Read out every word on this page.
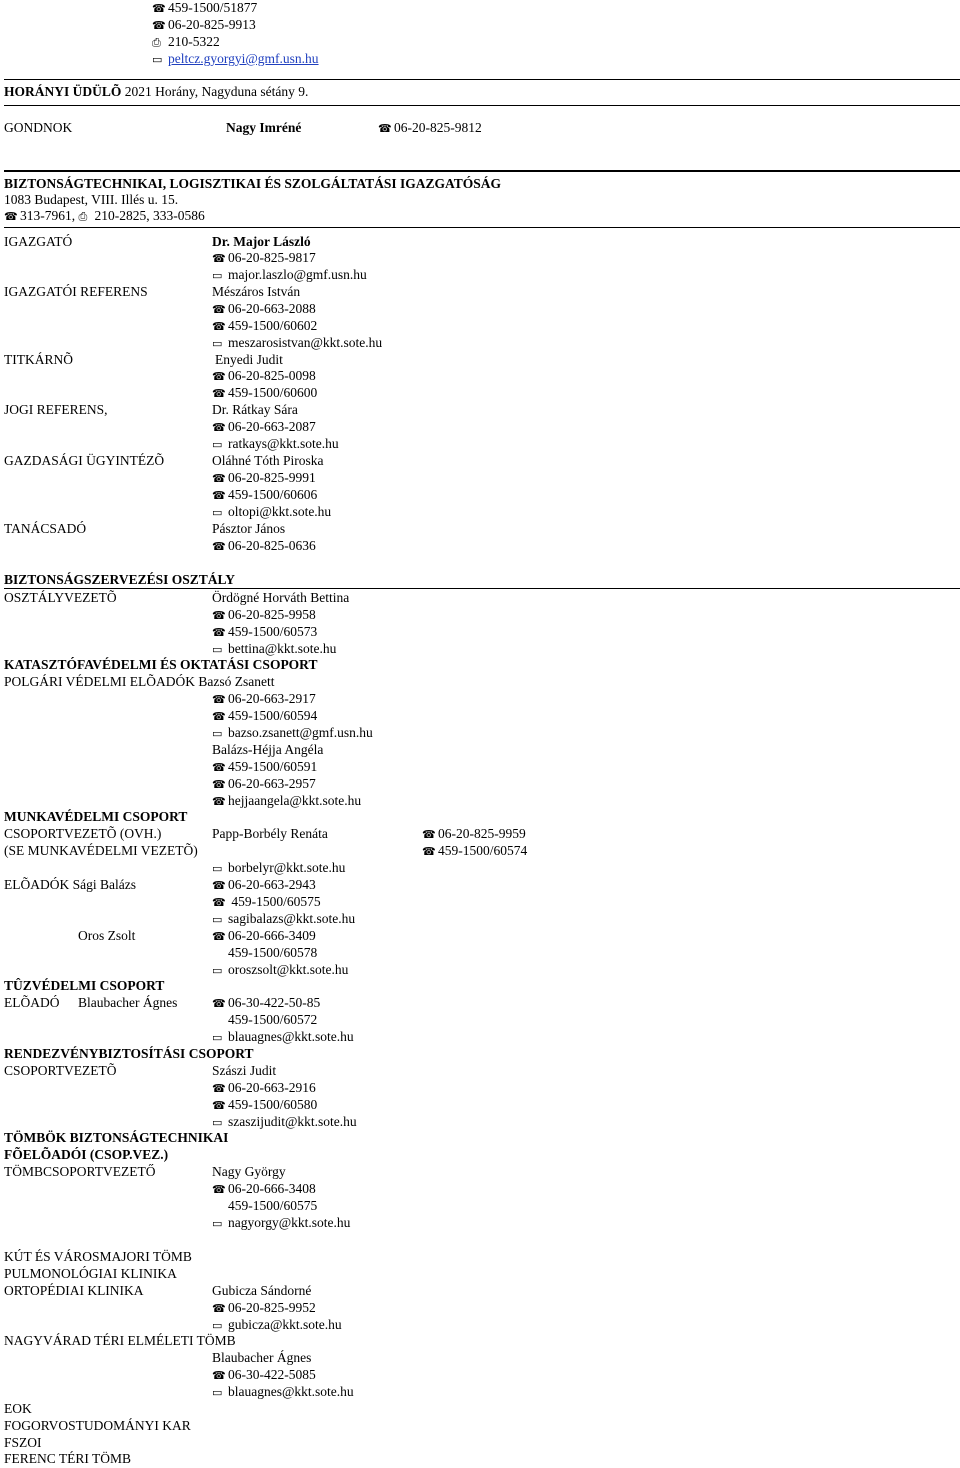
☎ 459-1500/51877
☎ 06-20-825-9913
⎙ 210-5322
▭ peltcz.gyorgyi@gmf.usn.hu
HORÁNYI ÜDÜLÕ 2021 Horány, Nagyduna sétány 9.
GONDNOK	Nagy Imréné	☎ 06-20-825-9812
BIZTONSÁGTECHNIKAI, LOGISZTIKAI ÉS SZOLGÁLTATÁSI IGAZGATÓSÁG
1083 Budapest, VIII. Illés u. 15.
☎ 313-7961, ⎙ 210-2825, 333-0586
IGAZGATÓ	Dr. Major László
☎ 06-20-825-9817
▭ major.laszlo@gmf.usn.hu
IGAZGATÓI REFERENS	Mészáros István
☎ 06-20-663-2088
☎ 459-1500/60602
▭ meszarosistvan@kkt.sote.hu
TITKÁRNÕ	Enyedi Judit
☎ 06-20-825-0098
☎ 459-1500/60600
JOGI REFERENS,	Dr. Rátkay Sára
☎ 06-20-663-2087
▭ ratkays@kkt.sote.hu
GAZDASÁGI ÜGYINTÉZÕ	Oláhné Tóth Piroska
☎ 06-20-825-9991
☎ 459-1500/60606
▭ oltopi@kkt.sote.hu
TANÁCSADÓ	Pásztor János
☎ 06-20-825-0636
BIZTONSÁGSZERVEZÉSI OSZTÁLY
OSZTÁLYVEZETÕ	Ördögné Horváth Bettina
☎ 06-20-825-9958
☎ 459-1500/60573
▭ bettina@kkt.sote.hu
KATASZTÓFAVÉDELMI ÉS OKTATÁSI CSOPORT
POLGÁRI VÉDELMI ELÕADÓK Bazsó Zsanett
☎ 06-20-663-2917
☎ 459-1500/60594
▭ bazso.zsanett@gmf.usn.hu
Balázs-Héjja Angéla
☎ 459-1500/60591
☎ 06-20-663-2957
☎ hejjaangela@kkt.sote.hu
MUNKAVÉDELMI CSOPORT
CSOPORTVEZETÕ (OVH.)	Papp-Borbély Renáta	☎ 06-20-825-9959
(SE MUNKAVÉDELMI VEZETÕ)	☎ 459-1500/60574
▭ borbelyr@kkt.sote.hu
ELÕADÓK Sági Balázs	☎ 06-20-663-2943
☎ 459-1500/60575
▭ sagibalazs@kkt.sote.hu
Oros Zsolt	☎ 06-20-666-3409
459-1500/60578
▭ oroszsolt@kkt.sote.hu
TÛZVÉDELMI CSOPORT
ELÕADÓ Blaubacher Ágnes	☎ 06-30-422-50-85
459-1500/60572
▭ blauagnes@kkt.sote.hu
RENDEZVÉNYBIZTOSÍTÁSI CSOPORT
CSOPORTVEZETÕ	Szászi Judit
☎ 06-20-663-2916
☎ 459-1500/60580
▭ szaszijudit@kkt.sote.hu
TÖMBÖK BIZTONSÁGTECHNIKAI
FÕELÕADÓI (CSOP.VEZ.)
TÖMBCSOPORTVEZETŐ	Nagy György
☎ 06-20-666-3408
459-1500/60575
▭ nagyorgy@kkt.sote.hu
KÚT ÉS VÁROSMAJORI TÖMB
PULMONOLÓGIAI KLINIKA
ORTOPÉDIAI KLINIKA	Gubicza Sándorné
☎ 06-20-825-9952
▭ gubicza@kkt.sote.hu
NAGYVÁRAD TÉRI ELMÉLETI TÖMB
Blaubacher Ágnes
☎ 06-30-422-5085
▭ blauagnes@kkt.sote.hu
EOK
FOGORVOSTUDOMÁNYI KAR
FSZOI
FERENC TÉRI TÖMB
